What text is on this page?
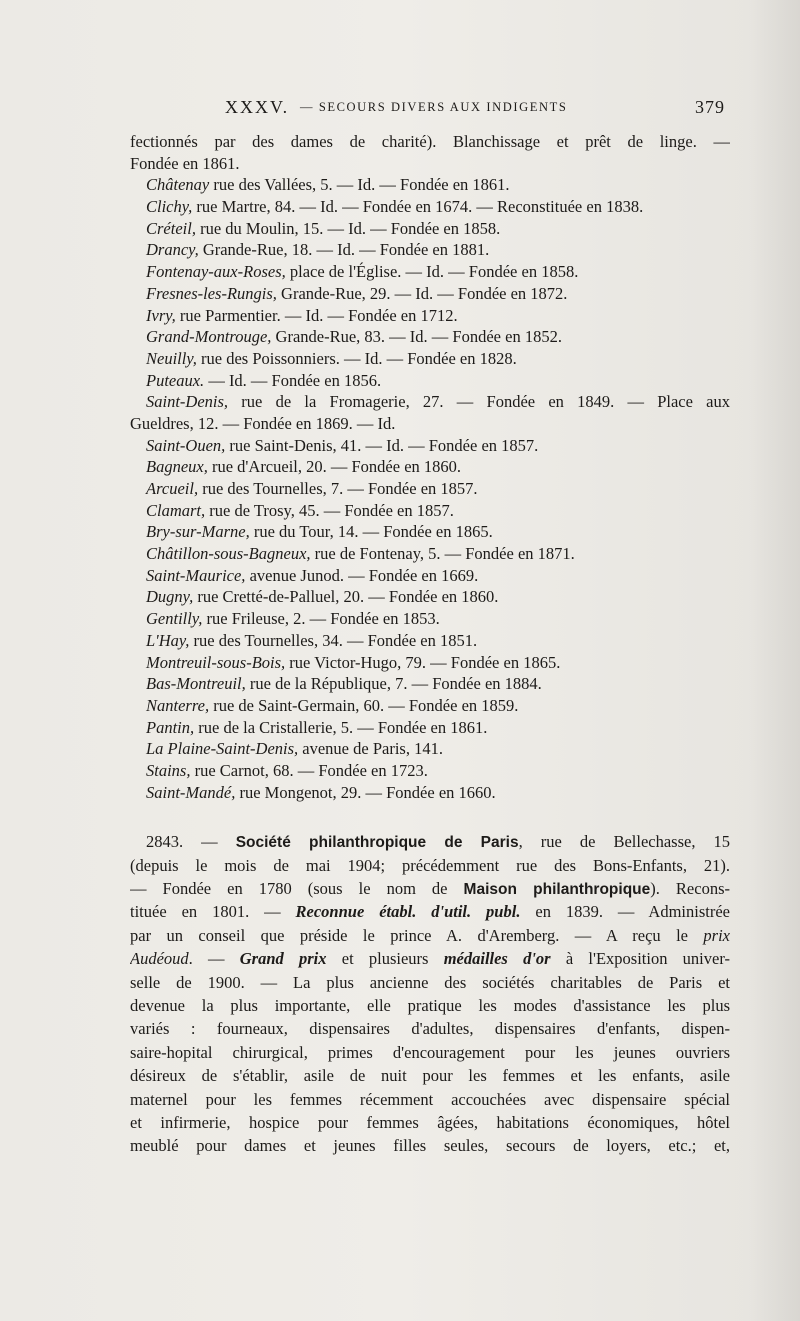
XXXV. — SECOURS DIVERS AUX INDIGENTS	379
fectionnés par des dames de charité). Blanchissage et prêt de linge. —
Fondée en 1861.
Châtenay rue des Vallées, 5. — Id. — Fondée en 1861.
Clichy, rue Martre, 84. — Id. — Fondée en 1674. — Reconstituée en 1838.
Créteil, rue du Moulin, 15. — Id. — Fondée en 1858.
Drancy, Grande-Rue, 18. — Id. — Fondée en 1881.
Fontenay-aux-Roses, place de l'Église. — Id. — Fondée en 1858.
Fresnes-les-Rungis, Grande-Rue, 29. — Id. — Fondée en 1872.
Ivry, rue Parmentier. — Id. — Fondée en 1712.
Grand-Montrouge, Grande-Rue, 83. — Id. — Fondée en 1852.
Neuilly, rue des Poissonniers. — Id. — Fondée en 1828.
Puteaux. — Id. — Fondée en 1856.
Saint-Denis, rue de la Fromagerie, 27. — Fondée en 1849. — Place aux
Gueldres, 12. — Fondée en 1869. — Id.
Saint-Ouen, rue Saint-Denis, 41. — Id. — Fondée en 1857.
Bagneux, rue d'Arcueil, 20. — Fondée en 1860.
Arcueil, rue des Tournelles, 7. — Fondée en 1857.
Clamart, rue de Trosy, 45. — Fondée en 1857.
Bry-sur-Marne, rue du Tour, 14. — Fondée en 1865.
Châtillon-sous-Bagneux, rue de Fontenay, 5. — Fondée en 1871.
Saint-Maurice, avenue Junod. — Fondée en 1669.
Dugny, rue Cretté-de-Palluel, 20. — Fondée en 1860.
Gentilly, rue Frileuse, 2. — Fondée en 1853.
L'Hay, rue des Tournelles, 34. — Fondée en 1851.
Montreuil-sous-Bois, rue Victor-Hugo, 79. — Fondée en 1865.
Bas-Montreuil, rue de la République, 7. — Fondée en 1884.
Nanterre, rue de Saint-Germain, 60. — Fondée en 1859.
Pantin, rue de la Cristallerie, 5. — Fondée en 1861.
La Plaine-Saint-Denis, avenue de Paris, 141.
Stains, rue Carnot, 68. — Fondée en 1723.
Saint-Mandé, rue Mongenot, 29. — Fondée en 1660.
2843. — Société philanthropique de Paris, rue de Bellechasse, 15
(depuis le mois de mai 1904; précédemment rue des Bons-Enfants, 21).
— Fondée en 1780 (sous le nom de Maison philanthropique). Recons-
tituée en 1801. — Reconnue établ. d'util. publ. en 1839. — Administrée
par un conseil que préside le prince A. d'Aremberg. — A reçu le prix
Audéoud. — Grand prix et plusieurs médailles d'or à l'Exposition univer-
selle de 1900. — La plus ancienne des sociétés charitables de Paris et
devenue la plus importante, elle pratique les modes d'assistance les plus
variés : fourneaux, dispensaires d'adultes, dispensaires d'enfants, dispen-
saire-hopital chirurgical, primes d'encouragement pour les jeunes ouvriers
désireux de s'établir, asile de nuit pour les femmes et les enfants, asile
maternel pour les femmes récemment accouchées avec dispensaire spécial
et infirmerie, hospice pour femmes âgées, habitations économiques, hôtel
meublé pour dames et jeunes filles seules, secours de loyers, etc.; et,
